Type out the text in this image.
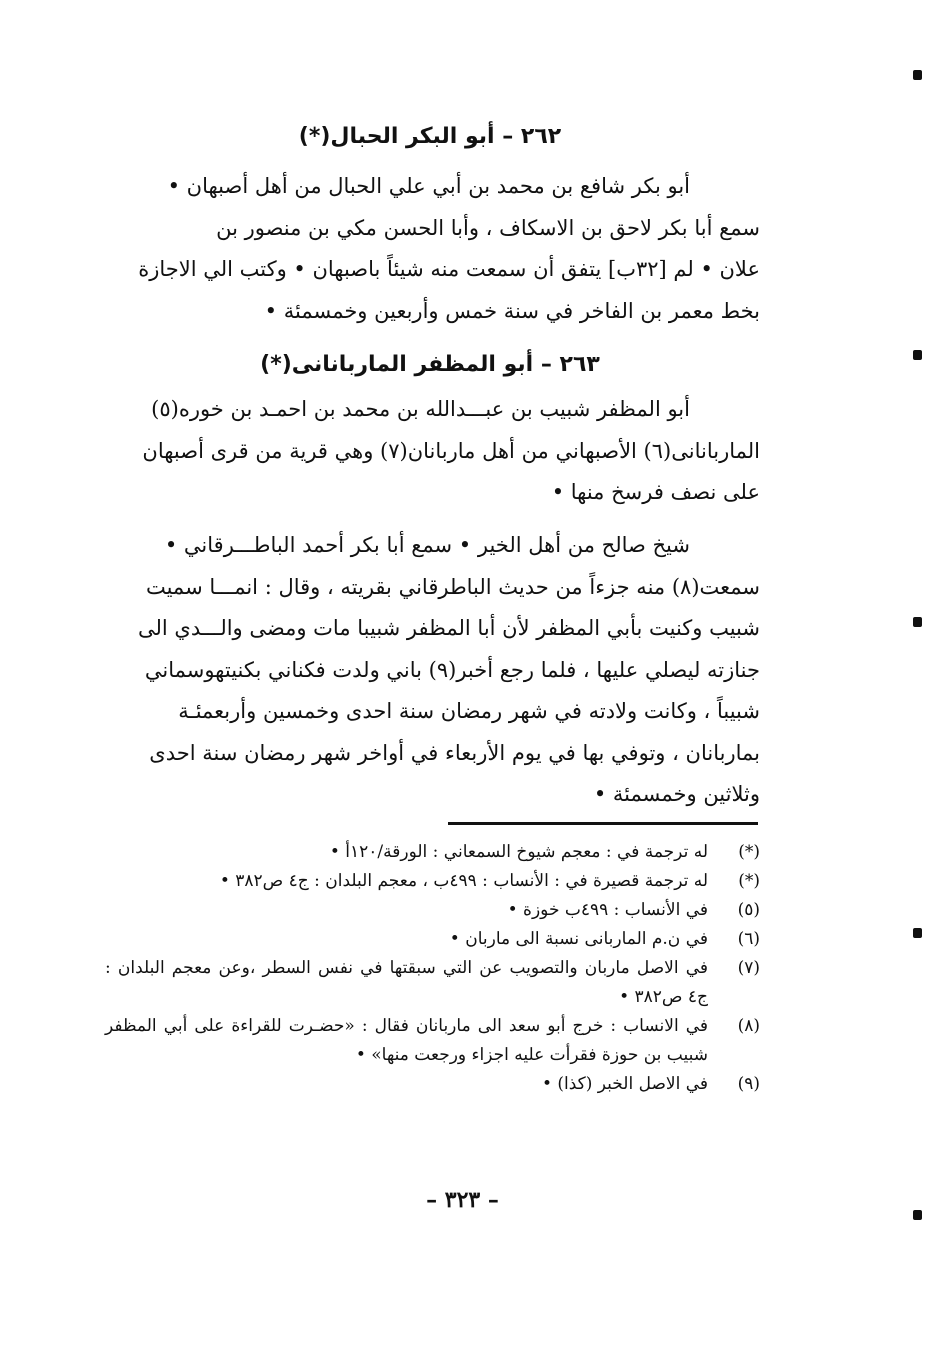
٢٦٢ – أبو البكر الحبال(*)
أبو بكر شافع بن محمد بن أبي علي الحبال من أهل أصبهان •
سمع أبا بكر لاحق بن الاسكاف ، وأبا الحسن مكي بن منصور بن
علان • لم [٣٢ب] يتفق أن سمعت منه شيئاً باصبهان • وكتب الي الاجازة
بخط معمر بن الفاخر في سنة خمس وأربعين وخمسمئة •
٢٦٣ – أبو المظفر الماربانانى(*)
أبو المظفر شبيب بن عبـــدالله بن محمد بن احمـد بن خوره(٥)
الماربانانى(٦) الأصبهاني من أهل ماربانان(٧) وهي قرية من قرى أصبهان
على نصف فرسخ منها •
شيخ صالح من أهل الخير • سمع أبا بكر أحمد الباطـــرقاني •
سمعت(٨) منه جزءاً من حديث الباطرقاني بقريته ، وقال : انمـــا سميت
شبيب وكنيت بأبي المظفر لأن أبا المظفر شبيبا مات ومضى والـــدي الى
جنازته ليصلي عليها ، فلما رجع أخبر(٩) باني ولدت فكناني بكنيتهوسماني
شبيباً ، وكانت ولادته في شهر رمضان سنة احدى وخمسين وأربعمئـة
بماربانان ، وتوفي بها في يوم الأربعاء في أواخر شهر رمضان سنة احدى
وثلاثين وخمسمئة •
(*)
له ترجمة في : معجم شيوخ السمعاني : الورقة/١٢٠أ •
(*)
له ترجمة قصيرة في : الأنساب : ٤٩٩ب ، معجم البلدان : ج٤ ص٣٨٢ •
(٥)
في الأنساب : ٤٩٩ب خوزة •
(٦)
في ن.م الماربانى نسبة الى ماربان •
(٧)
في الاصل ماربان والتصويب عن التي سبقتها في نفس السطر ،وعن معجم البلدان : ج٤ ص٣٨٢ •
(٨)
في الانساب : خرج أبو سعد الى ماربانان فقال : «حضـرت للقراءة على أبي المظفر شبيب بن حوزة فقرأت عليه اجزاء ورجعت منها» •
(٩)
في الاصل الخبر (كذا) •
– ٣٢٣ –
